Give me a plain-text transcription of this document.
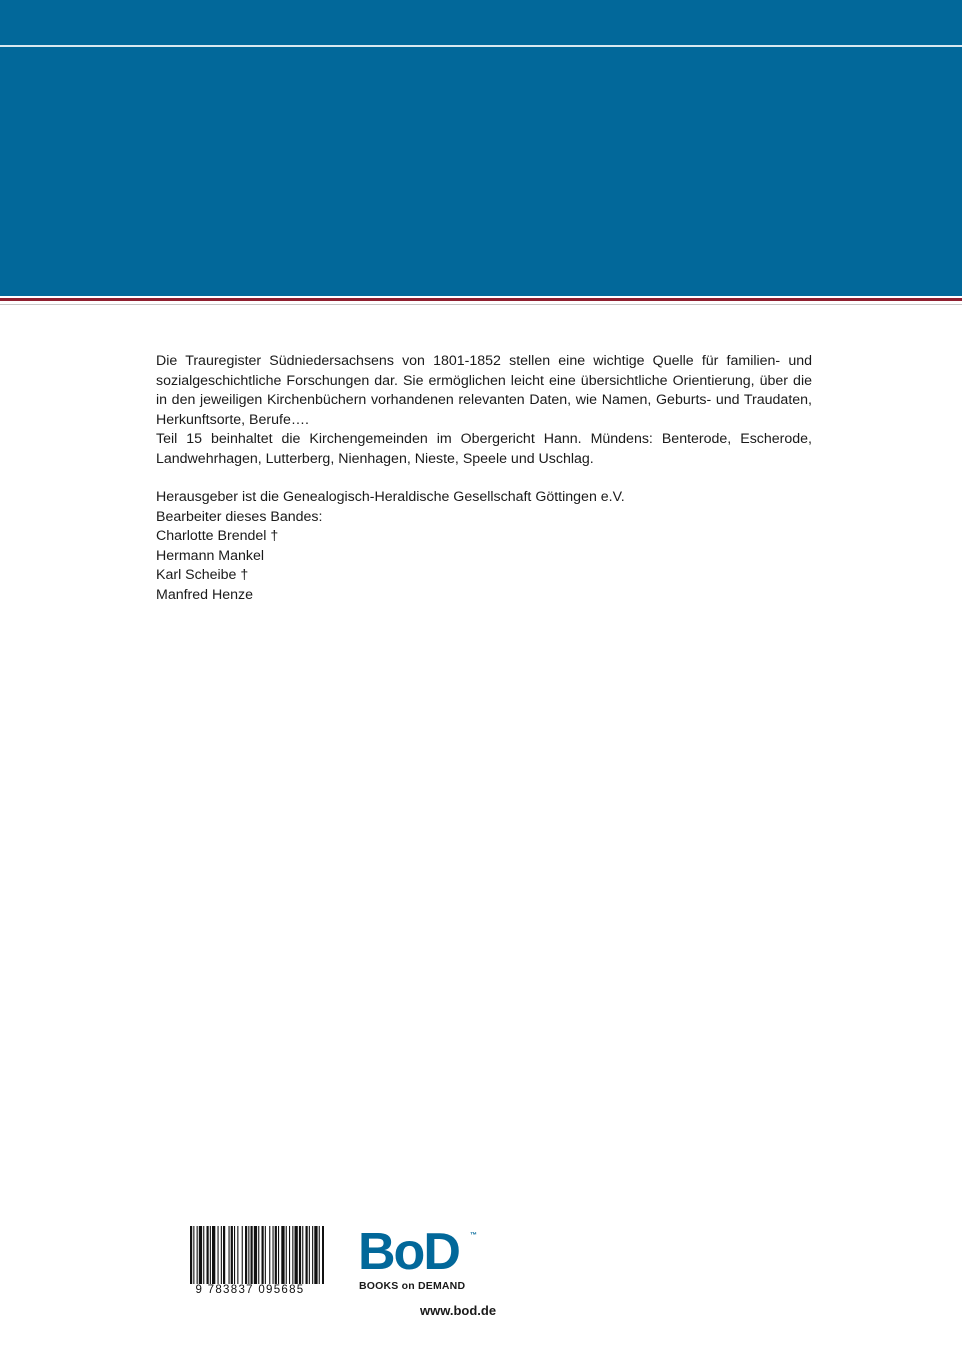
Die Trauregister Südniedersachsens von 1801-1852 stellen eine wichtige Quelle für familien- und sozialgeschichtliche Forschungen dar. Sie ermöglichen leicht eine übersichtliche Orientierung, über die in den jeweiligen Kirchenbüchern vorhandenen relevanten Daten, wie Namen, Geburts- und Traudaten, Herkunftsorte, Berufe….

Teil 15 beinhaltet die Kirchengemeinden im Obergericht Hann. Mündens: Benterode, Escherode, Landwehrhagen, Lutterberg, Nienhagen, Nieste, Speele und Uschlag.

Herausgeber ist die Genealogisch-Heraldische Gesellschaft Göttingen e.V.

Bearbeiter dieses Bandes:

Charlotte Brendel †

Hermann Mankel

Karl Scheibe †

Manfred Henze

9 783837 095685
BoD ™
BOOKS on DEMAND
www.bod.de
